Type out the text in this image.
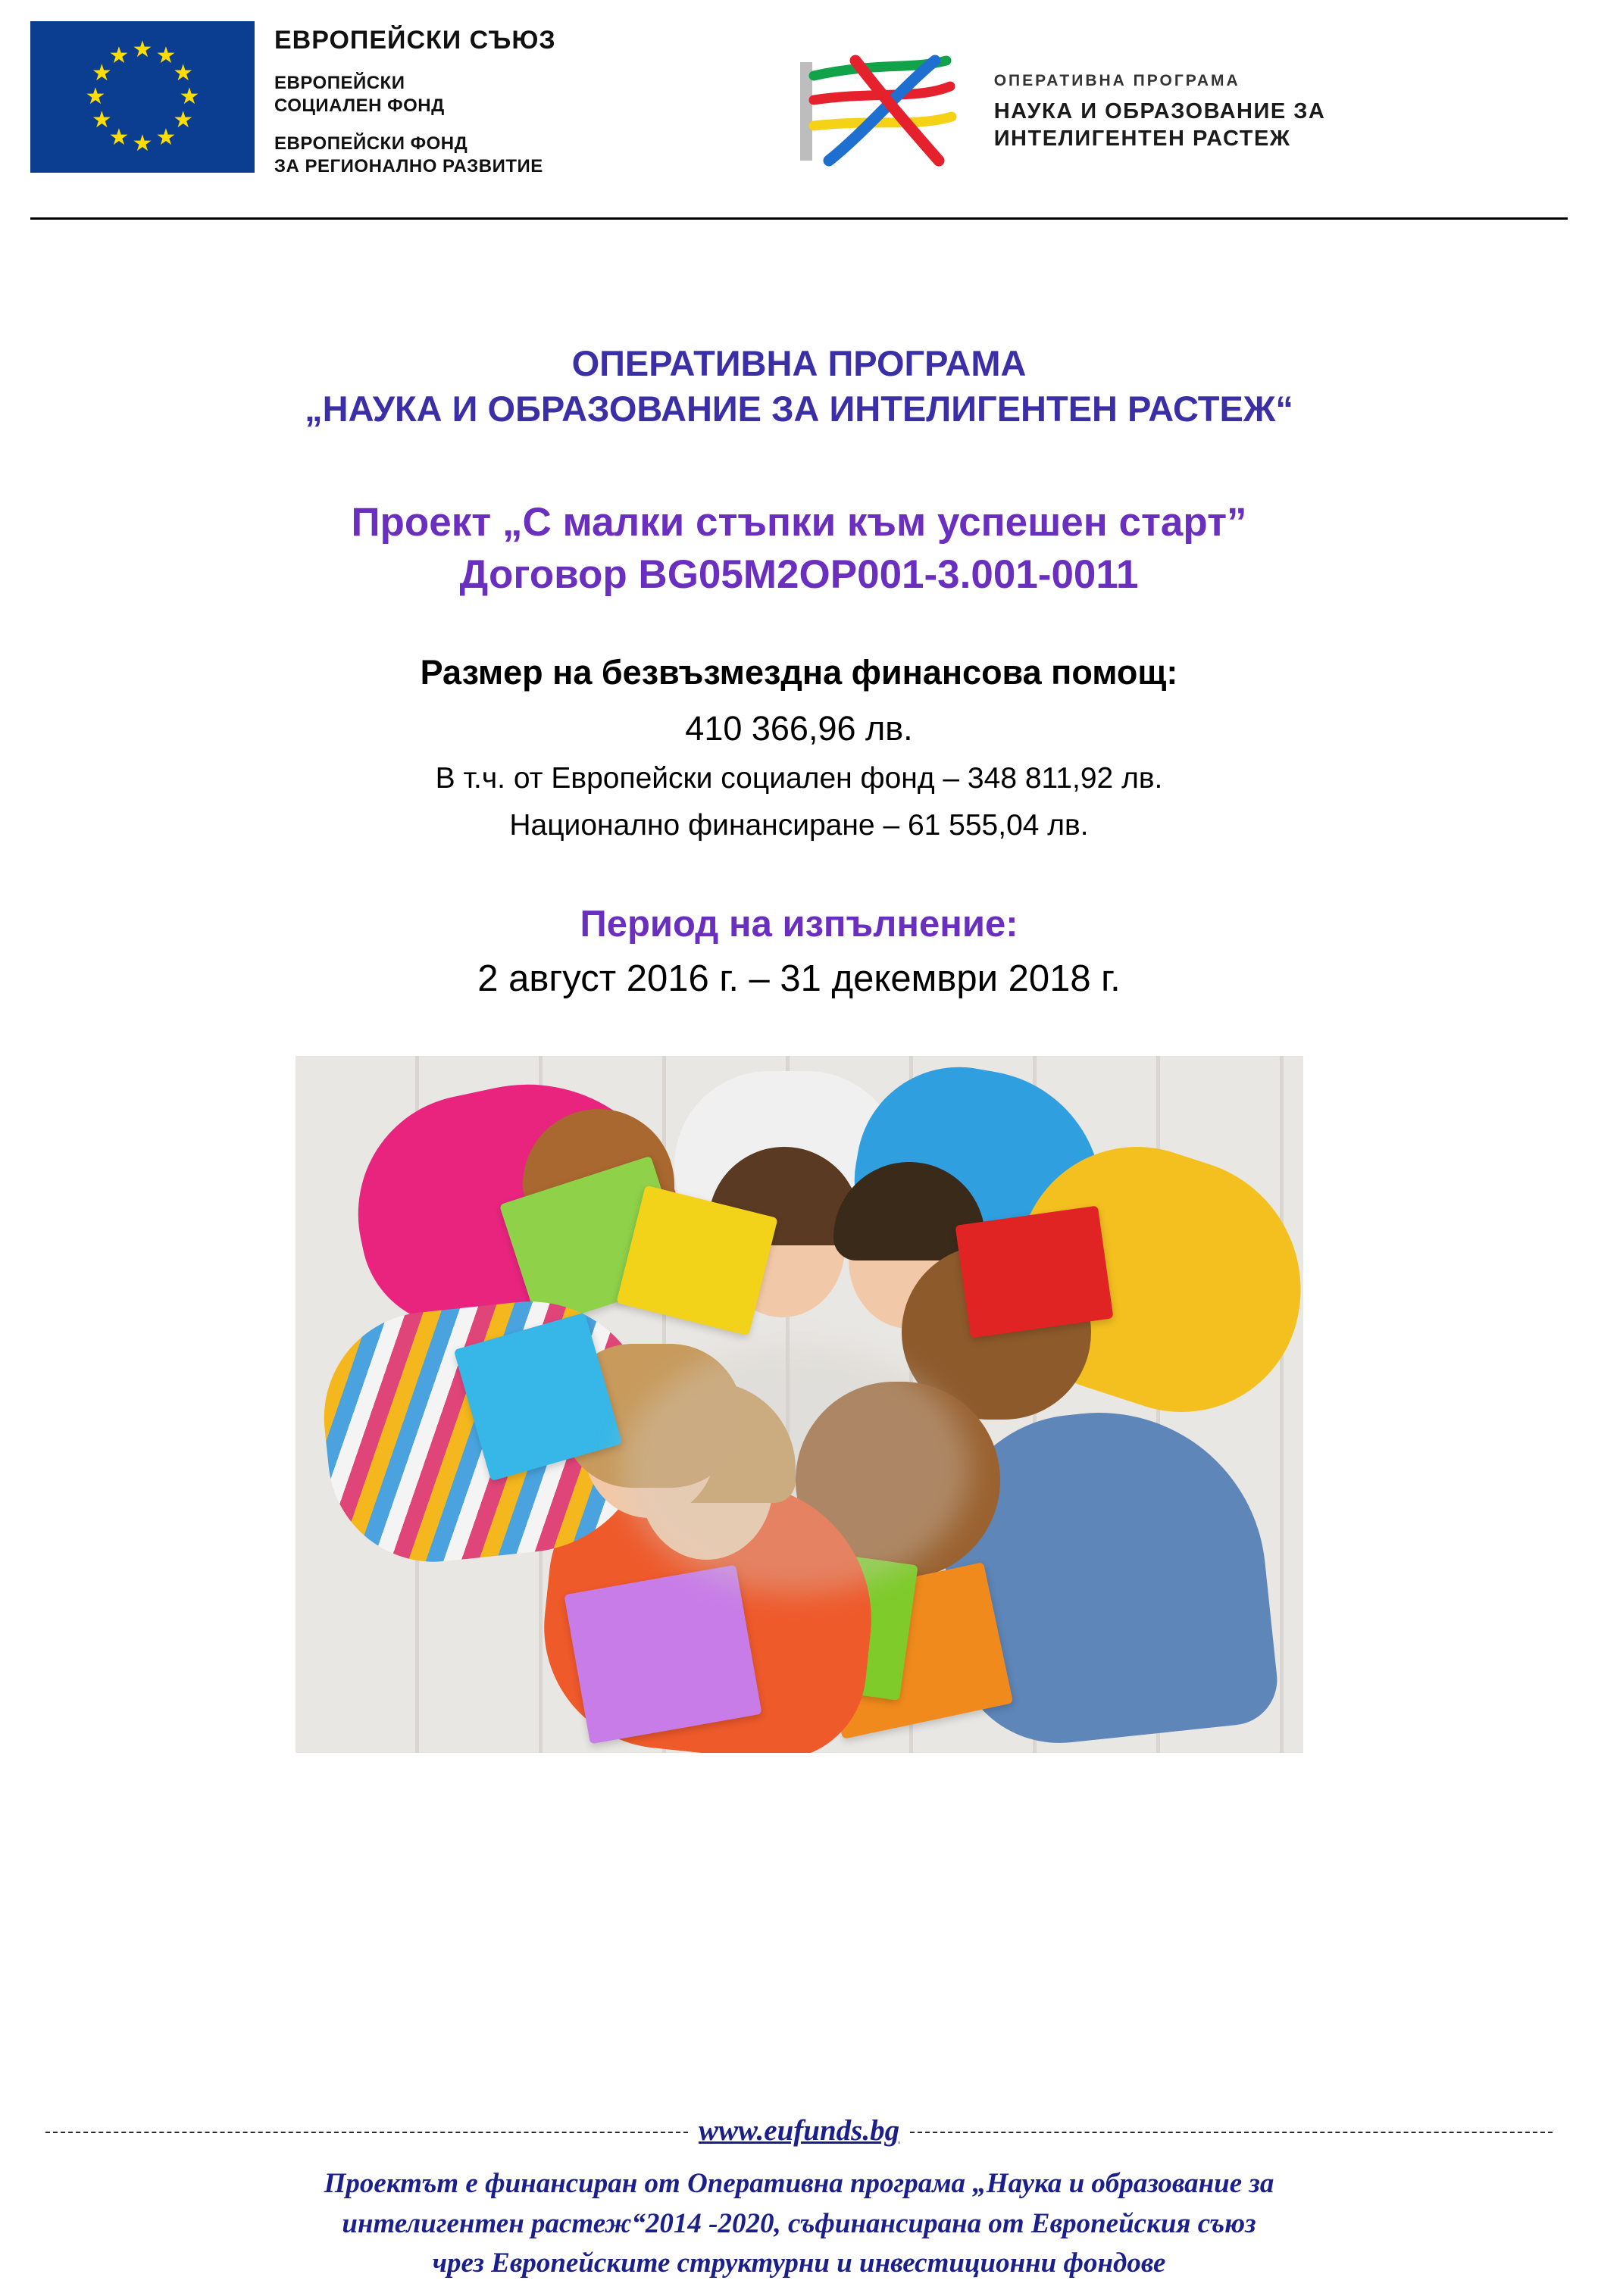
★ ★
★
★
★
★
★
★
★
★
★
★
ЕВРОПЕЙСКИ СЪЮЗ
ЕВРОПЕЙСКИ
СОЦИАЛЕН ФОНД
ЕВРОПЕЙСКИ ФОНД
ЗА РЕГИОНАЛНО РАЗВИТИЕ
ОПЕРАТИВНА ПРОГРАМА
НАУКА И ОБРАЗОВАНИЕ ЗА
ИНТЕЛИГЕНТЕН РАСТЕЖ
ОПЕРАТИВНА ПРОГРАМА
„НАУКА И ОБРАЗОВАНИЕ ЗА ИНТЕЛИГЕНТЕН РАСТЕЖ“
Проект „С малки стъпки към успешен старт”
Договор BG05M2OP001-3.001-0011
Размер на безвъзмездна финансова помощ:
410 366,96 лв.
В т.ч. от Европейски социален фонд – 348 811,92 лв.
Национално финансиране – 61 555,04 лв.
Период на изпълнение:
2 август 2016 г. – 31 декември 2018 г.
www.eufunds.bg
Проектът е финансиран от Оперативна програма „Наука и образование за
интелигентен растеж“2014 -2020, съфинансирана от Европейския съюз
чрез Европейските структурни и инвестиционни фондове
